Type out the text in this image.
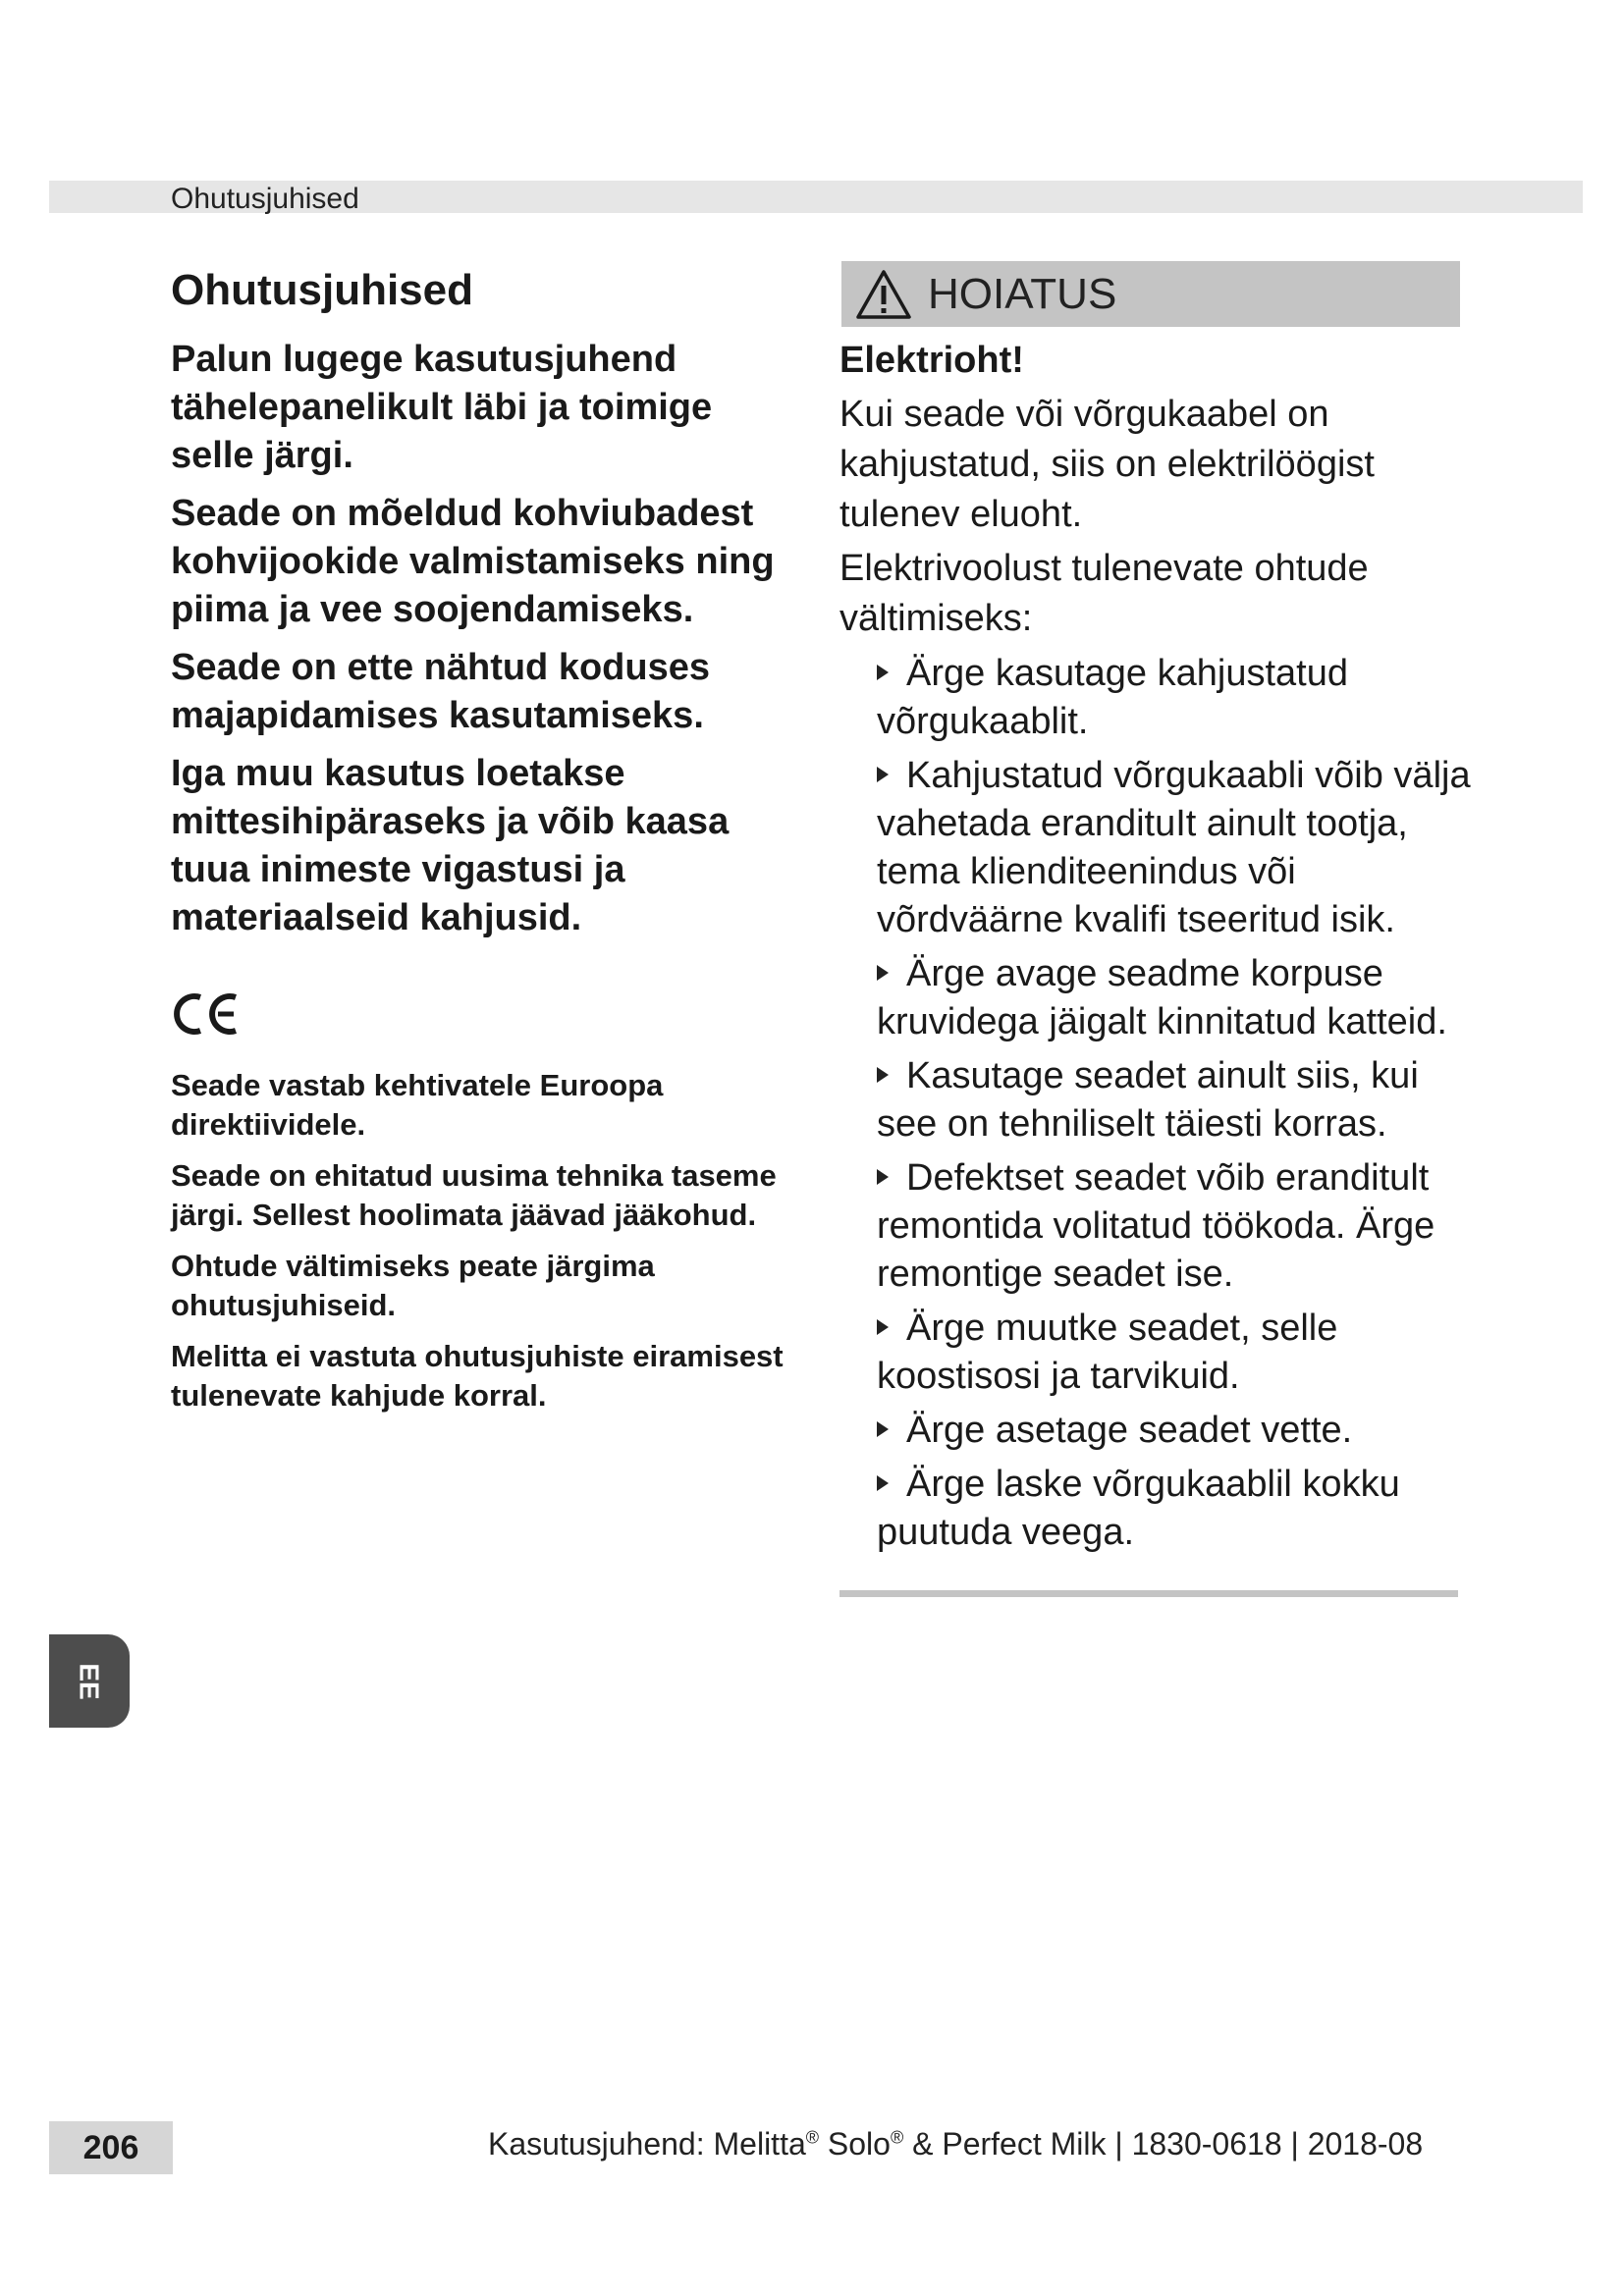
Ohutusjuhised
Ohutusjuhised

Palun lugege kasutusjuhend tähelepanelikult läbi ja toimige selle järgi.

Seade on mõeldud kohviubadest kohvijookide valmistamiseks ning piima ja vee soojendamiseks.

Seade on ette nähtud koduses majapidamises kasutamiseks.

Iga muu kasutus loetakse mittesihipäraseks ja võib kaasa tuua inimeste vigastusi ja materiaalseid kahjusid.

Seade vastab kehtivatele Euroopa direktiividele.

Seade on ehitatud uusima tehnika taseme järgi. Sellest hoolimata jäävad jääkohud.

Ohtude vältimiseks peate järgima ohutusjuhiseid.

Melitta ei vastuta ohutusjuhiste eiramisest tulenevate kahjude korral.

HOIATUS

Elektrioht!

Kui seade või võrgukaabel on kahjustatud, siis on elektrilöögist tulenev eluoht.

Elektrivoolust tulenevate ohtude vältimiseks:

Ärge kasutage kahjustatud võrgukaablit.
Kahjustatud võrgukaabli võib välja vahetada erandituIt ainult tootja, tema klienditeenindus või võrdväärne kvalifi tseeritud isik.
Ärge avage seadme korpuse kruvidega jäigalt kinnitatud katteid.
Kasutage seadet ainult siis, kui see on tehniliselt täiesti korras.
Defektset seadet võib eranditult remontida volitatud töökoda. Ärge remontige seadet ise.
Ärge muutke seadet, selle koostisosi ja tarvikuid.
Ärge asetage seadet vette.
Ärge laske võrgukaablil kokku puutuda veega.
EE
206	Kasutusjuhend: Melitta® Solo® & Perfect Milk | 1830-0618 | 2018-08
